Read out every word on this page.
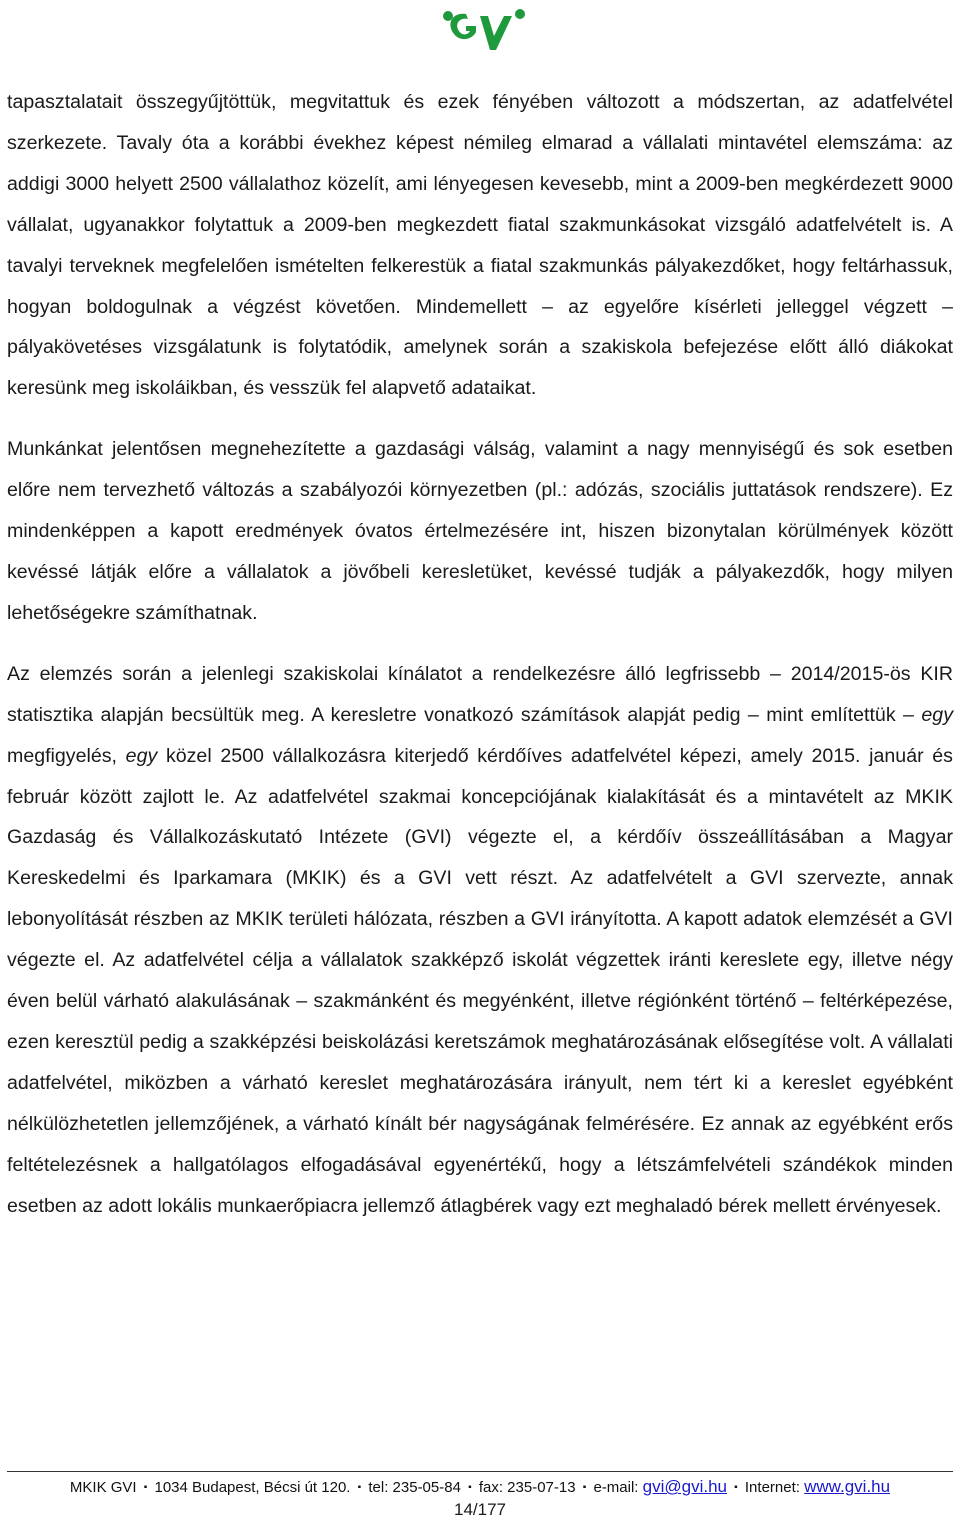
tapasztalatait összegyűjtöttük, megvitattuk és ezek fényében változott a módszertan, az adatfelvétel szerkezete. Tavaly óta a korábbi évekhez képest némileg elmarad a vállalati mintavétel elemszáma: az addigi 3000 helyett 2500 vállalathoz közelít, ami lényegesen kevesebb, mint a 2009-ben megkérdezett 9000 vállalat, ugyanakkor folytattuk a 2009-ben megkezdett fiatal szakmunkásokat vizsgáló adatfelvételt is. A tavalyi terveknek megfelelően ismételten felkerestük a fiatal szakmunkás pályakezdőket, hogy feltárhassuk, hogyan boldogulnak a végzést követően. Mindemellett – az egyelőre kísérleti jelleggel végzett – pályakövetéses vizsgálatunk is folytatódik, amelynek során a szakiskola befejezése előtt álló diákokat keresünk meg iskoláikban, és vesszük fel alapvető adataikat.

Munkánkat jelentősen megnehezítette a gazdasági válság, valamint a nagy mennyiségű és sok esetben előre nem tervezhető változás a szabályozói környezetben (pl.: adózás, szociális juttatások rendszere). Ez mindenképpen a kapott eredmények óvatos értelmezésére int, hiszen bizonytalan körülmények között kevéssé látják előre a vállalatok a jövőbeli keresletüket, kevéssé tudják a pályakezdők, hogy milyen lehetőségekre számíthatnak.

Az elemzés során a jelenlegi szakiskolai kínálatot a rendelkezésre álló legfrissebb – 2014/2015-ös KIR statisztika alapján becsültük meg. A keresletre vonatkozó számítások alapját pedig – mint említettük – egy megfigyelés, egy közel 2500 vállalkozásra kiterjedő kérdőíves adatfelvétel képezi, amely 2015. január és február között zajlott le. Az adatfelvétel szakmai koncepciójának kialakítását és a mintavételt az MKIK Gazdaság és Vállalkozáskutató Intézete (GVI) végezte el, a kérdőív összeállításában a Magyar Kereskedelmi és Iparkamara (MKIK) és a GVI vett részt. Az adatfelvételt a GVI szervezte, annak lebonyolítását részben az MKIK területi hálózata, részben a GVI irányította. A kapott adatok elemzését a GVI végezte el. Az adatfelvétel célja a vállalatok szakképző iskolát végzettek iránti kereslete egy, illetve négy éven belül várható alakulásának – szakmánként és megyénként, illetve régiónként történő – feltérképezése, ezen keresztül pedig a szakképzési beiskolázási keretszámok meghatározásának elősegítése volt. A vállalati adatfelvétel, miközben a várható kereslet meghatározására irányult, nem tért ki a kereslet egyébként nélkülözhetetlen jellemzőjének, a várható kínált bér nagyságának felmérésére. Ez annak az egyébként erős feltételezésnek a hallgatólagos elfogadásával egyenértékű, hogy a létszámfelvételi szándékok minden esetben az adott lokális munkaerőpiacra jellemző átlagbérek vagy ezt meghaladó bérek mellett érvényesek.

MKIK GVI ▪ 1034 Budapest, Bécsi út 120. ▪ tel: 235-05-84 ▪ fax: 235-07-13 ▪ e-mail: gvi@gvi.hu ▪ Internet: www.gvi.hu
14/177
